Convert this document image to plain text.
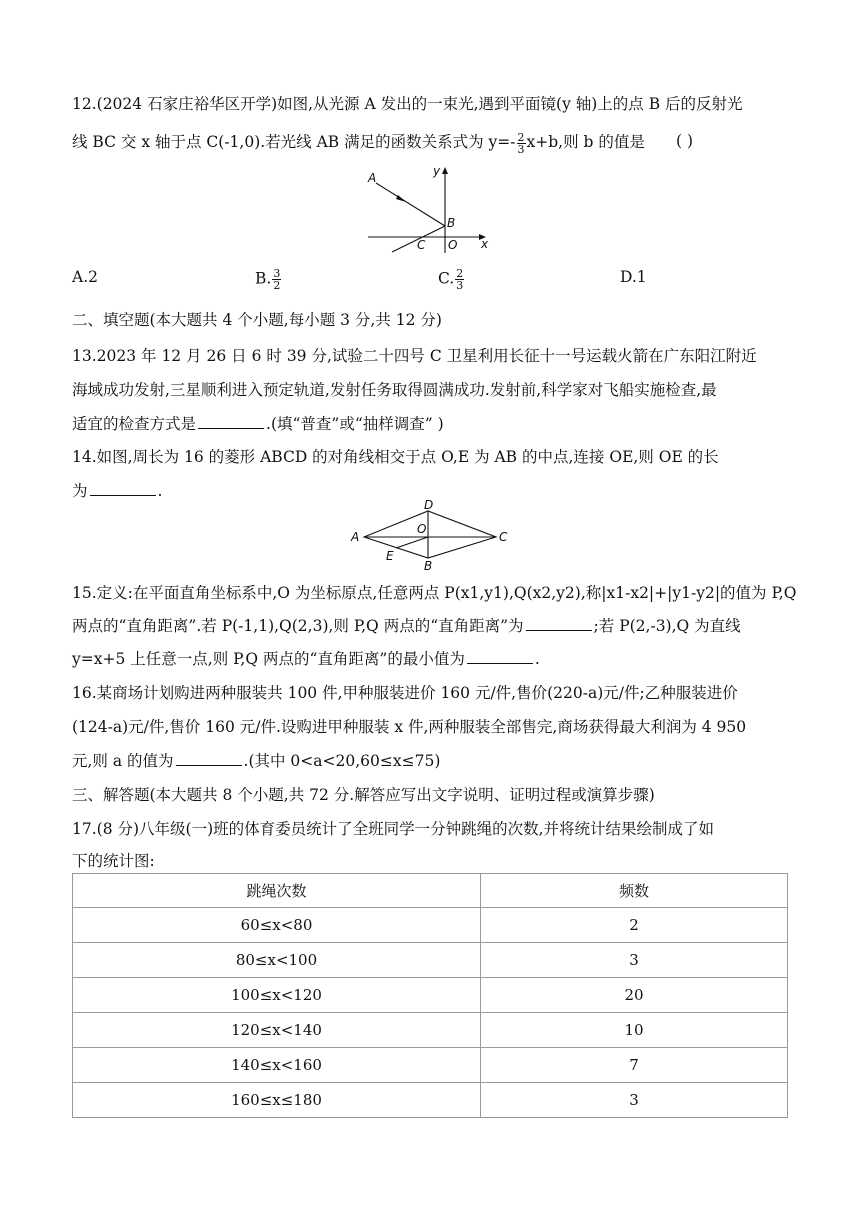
12.(2024 石家庄裕华区开学)如图,从光源 A 发出的一束光,遇到平面镜(y 轴)上的点 B 后的反射光
线 BC 交 x 轴于点 C(-1,0).若光线 AB 满足的函数关系式为 $y=- \frac{2}{3} x+b$,则 b 的值是 ( )
A
B
C O x
y
A.2	B. $\frac{3}{2}$	C. $\frac{2}{3}$	D.1
二、填空题(本大题共 4 个小题,每小题 3 分,共 12 分)
13.2023 年 12 月 26 日 6 时 39 分,试验二十四号 C 卫星利用长征十一号运载火箭在广东阳江附近
海域成功发射,三星顺利进入预定轨道,发射任务取得圆满成功.发射前,科学家对飞船实施检查,最
适宜的检查方式是	.(填“普查”或“抽样调查” )
14.如图,周长为 16 的菱形 ABCD 的对角线相交于点 O,E 为 AB 的中点,连接 OE,则 OE 的长
为	.
A
B
C
D
O
E
15.定义:在平面直角坐标系中,O 为坐标原点,任意两点 P(x1,y1),Q(x2,y2),称|x1-x2|+|y1-y2|的值为 P,Q
两点的“直角距离”.若 P(-1,1),Q(2,3),则 P,Q 两点的“直角距离”为	;若 P(2,-3),Q 为直线
y=x+5 上任意一点,则 P,Q 两点的“直角距离”的最小值为	.
16.某商场计划购进两种服装共 100 件,甲种服装进价 160 元/件,售价(220-a)元/件;乙种服装进价
(124-a)元/件,售价 160 元/件.设购进甲种服装 x 件,两种服装全部售完,商场获得最大利润为 4 950
元,则 a 的值为	.(其中 0<a<20,60≤x≤75)
三、解答题(本大题共 8 个小题,共 72 分.解答应写出文字说明、证明过程或演算步骤)
17.(8 分)八年级(一)班的体育委员统计了全班同学一分钟跳绳的次数,并将统计结果绘制成了如
下的统计图:
跳绳次数	频数
60≤x<80	2
80≤x<100	3
100≤x<120	20
120≤x<140	10
140≤x<160	7
160≤x≤180	3
